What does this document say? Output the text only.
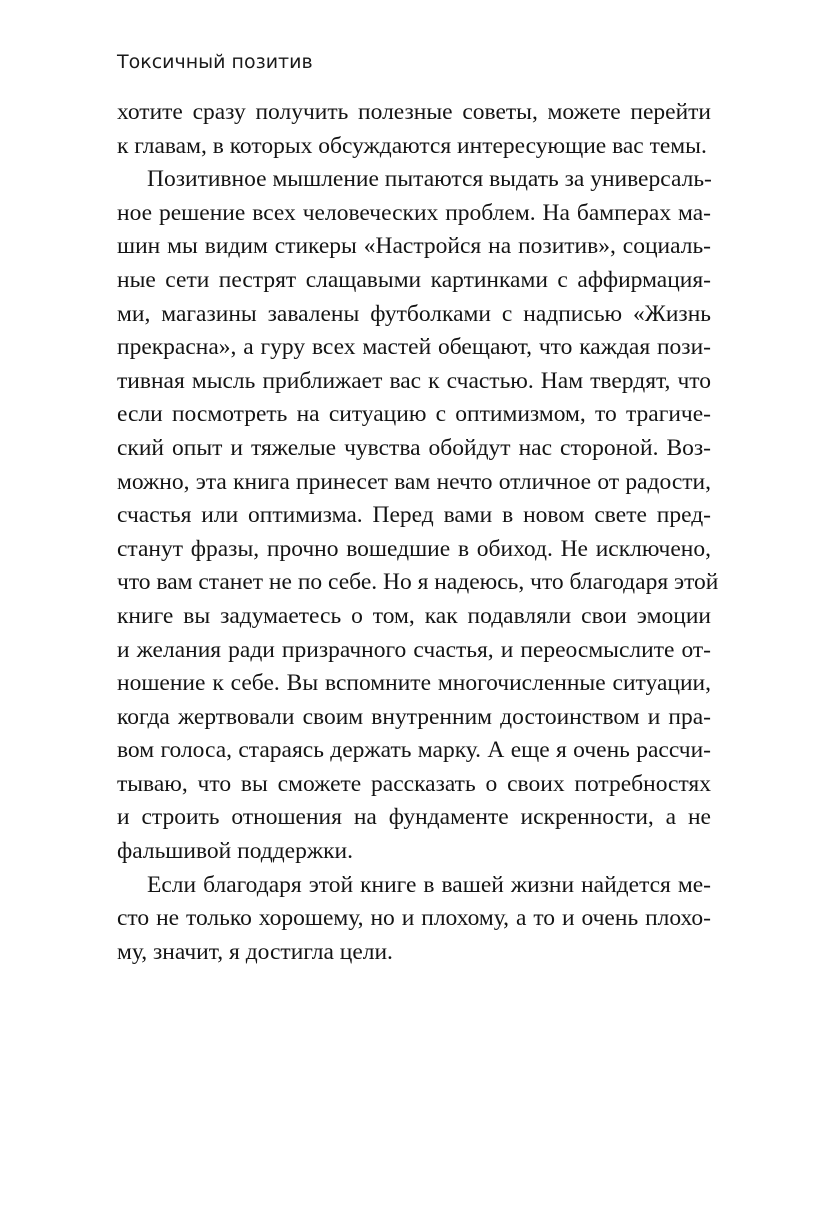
Токсичный позитив
хотите сразу получить полезные советы, можете перейти
к главам, в которых обсуждаются интересующие вас темы.
Позитивное мышление пытаются выдать за универсаль-
ное решение всех человеческих проблем. На бамперах ма-
шин мы видим стикеры «Настройся на позитив», социаль-
ные сети пестрят слащавыми картинками с аффирмация-
ми, магазины завалены футболками с надписью «Жизнь
прекрасна», а гуру всех мастей обещают, что каждая пози-
тивная мысль приближает вас к счастью. Нам твердят, что
если посмотреть на ситуацию с оптимизмом, то трагиче-
ский опыт и тяжелые чувства обойдут нас стороной. Воз-
можно, эта книга принесет вам нечто отличное от радости,
счастья или оптимизма. Перед вами в новом свете пред-
станут фразы, прочно вошедшие в обиход. Не исключено,
что вам станет не по себе. Но я надеюсь, что благодаря этой
книге вы задумаетесь о том, как подавляли свои эмоции
и желания ради призрачного счастья, и переосмыслите от-
ношение к себе. Вы вспомните многочисленные ситуации,
когда жертвовали своим внутренним достоинством и пра-
вом голоса, стараясь держать марку. А еще я очень рассчи-
тываю, что вы сможете рассказать о своих потребностях
и строить отношения на фундаменте искренности, а не
фальшивой поддержки.
Если благодаря этой книге в вашей жизни найдется ме-
сто не только хорошему, но и плохому, а то и очень плохо-
му, значит, я достигла цели.
